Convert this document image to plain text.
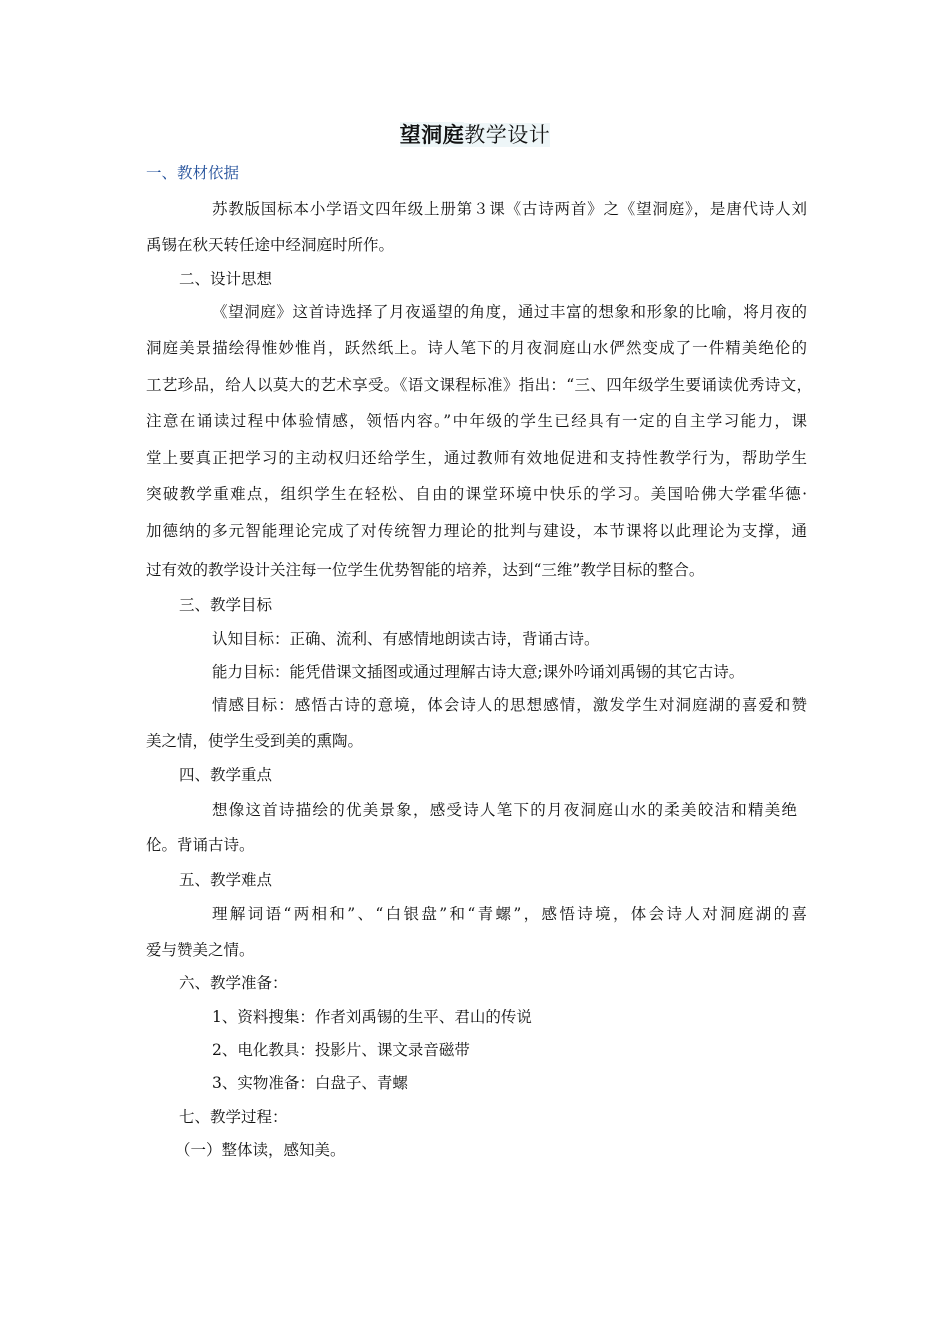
望洞庭教学设计
一、教材依据
苏教版国标本小学语文四年级上册第３课《古诗两首》之《望洞庭》，是唐代诗人刘
禹锡在秋天转任途中经洞庭时所作。
二、设计思想
《望洞庭》这首诗选择了月夜遥望的角度，通过丰富的想象和形象的比喻，将月夜的
洞庭美景描绘得惟妙惟肖，跃然纸上。诗人笔下的月夜洞庭山水俨然变成了一件精美绝伦的
工艺珍品，给人以莫大的艺术享受。《语文课程标准》指出：“三、四年级学生要诵读优秀诗文，
注意在诵读过程中体验情感，领悟内容。”中年级的学生已经具有一定的自主学习能力，课
堂上要真正把学习的主动权归还给学生，通过教师有效地促进和支持性教学行为，帮助学生
突破教学重难点，组织学生在轻松、自由的课堂环境中快乐的学习。美国哈佛大学霍华德·
加德纳的多元智能理论完成了对传统智力理论的批判与建设，本节课将以此理论为支撑，通
过有效的教学设计关注每一位学生优势智能的培养，达到“三维”教学目标的整合。
三、教学目标
认知目标：正确、流利、有感情地朗读古诗，背诵古诗。
能力目标：能凭借课文插图或通过理解古诗大意;课外吟诵刘禹锡的其它古诗。
情感目标：感悟古诗的意境，体会诗人的思想感情，激发学生对洞庭湖的喜爱和赞
美之情，使学生受到美的熏陶。
四、教学重点
想像这首诗描绘的优美景象，感受诗人笔下的月夜洞庭山水的柔美皎洁和精美绝
伦。背诵古诗。
五、教学难点
理解词语“两相和”、“白银盘”和“青螺”，感悟诗境，体会诗人对洞庭湖的喜
爱与赞美之情。
六、教学准备：
1、资料搜集：作者刘禹锡的生平、君山的传说
2、电化教具：投影片、课文录音磁带
3、实物准备：白盘子、青螺
七、教学过程：
（一）整体读，感知美。
